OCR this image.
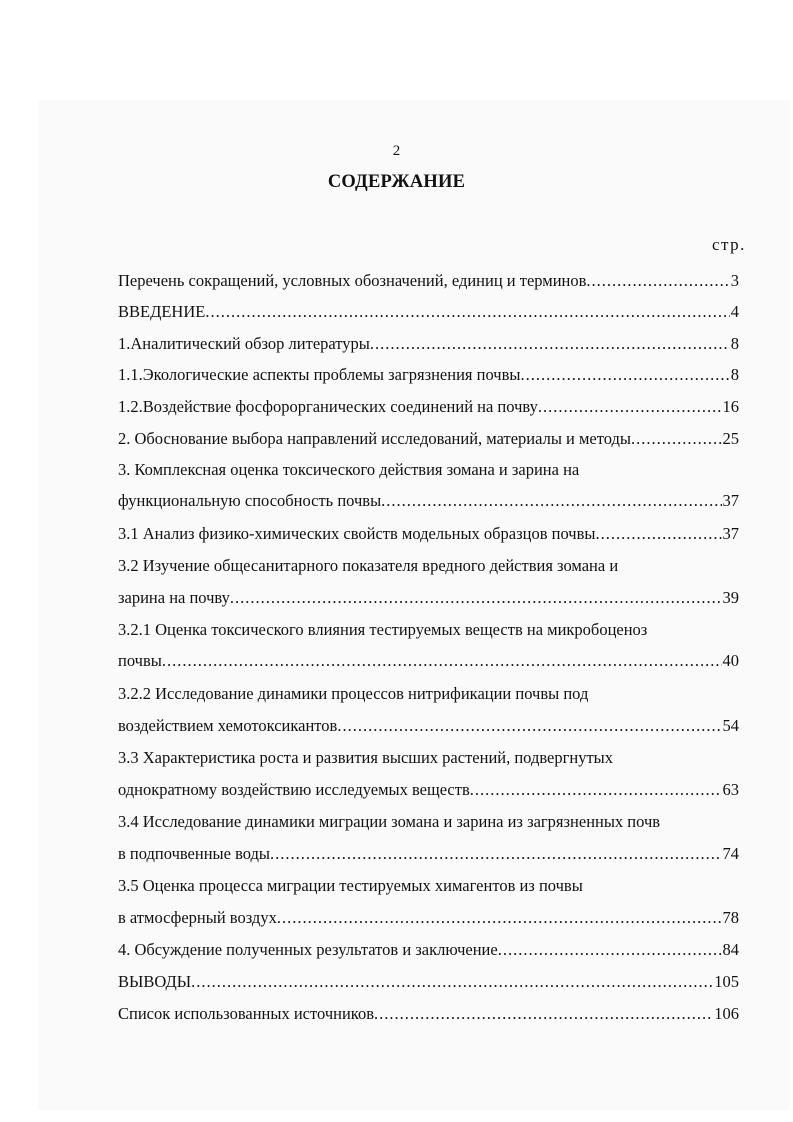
2
СОДЕРЖАНИЕ
стр.
Перечень сокращений, условных обозначений, единиц и терминов .....	3
ВВЕДЕНИЕ .....	4
1.Аналитический обзор литературы .....	8
1.1. Экологические аспекты проблемы загрязнения почвы .....	8
1.2. Воздействие фосфорорганических соединений на почву .....	16
2. Обоснование выбора направлений исследований, материалы и методы .....	25
3. Комплексная оценка токсического действия зомана и зарина на
функциональную способность почвы .....	37
3.1 Анализ физико-химических свойств модельных образцов почвы .....	37
3.2 Изучение общесанитарного показателя вредного действия зомана и
зарина на почву .....	39
3.2.1 Оценка токсического влияния тестируемых веществ на микробоценоз
почвы .....	40
3.2.2 Исследование динамики процессов нитрификации почвы под
воздействием хемотоксикантов .....	54
3.3 Характеристика роста и развития высших растений, подвергнутых
однократному воздействию исследуемых веществ .....	63
3.4 Исследование динамики миграции зомана и зарина из загрязненных почв
в подпочвенные воды .....	74
3.5 Оценка процесса миграции тестируемых химагентов из почвы
в атмосферный воздух .....	78
4. Обсуждение полученных результатов и заключение .....	84
ВЫВОДЫ .....	105
Список использованных источников .....	106
